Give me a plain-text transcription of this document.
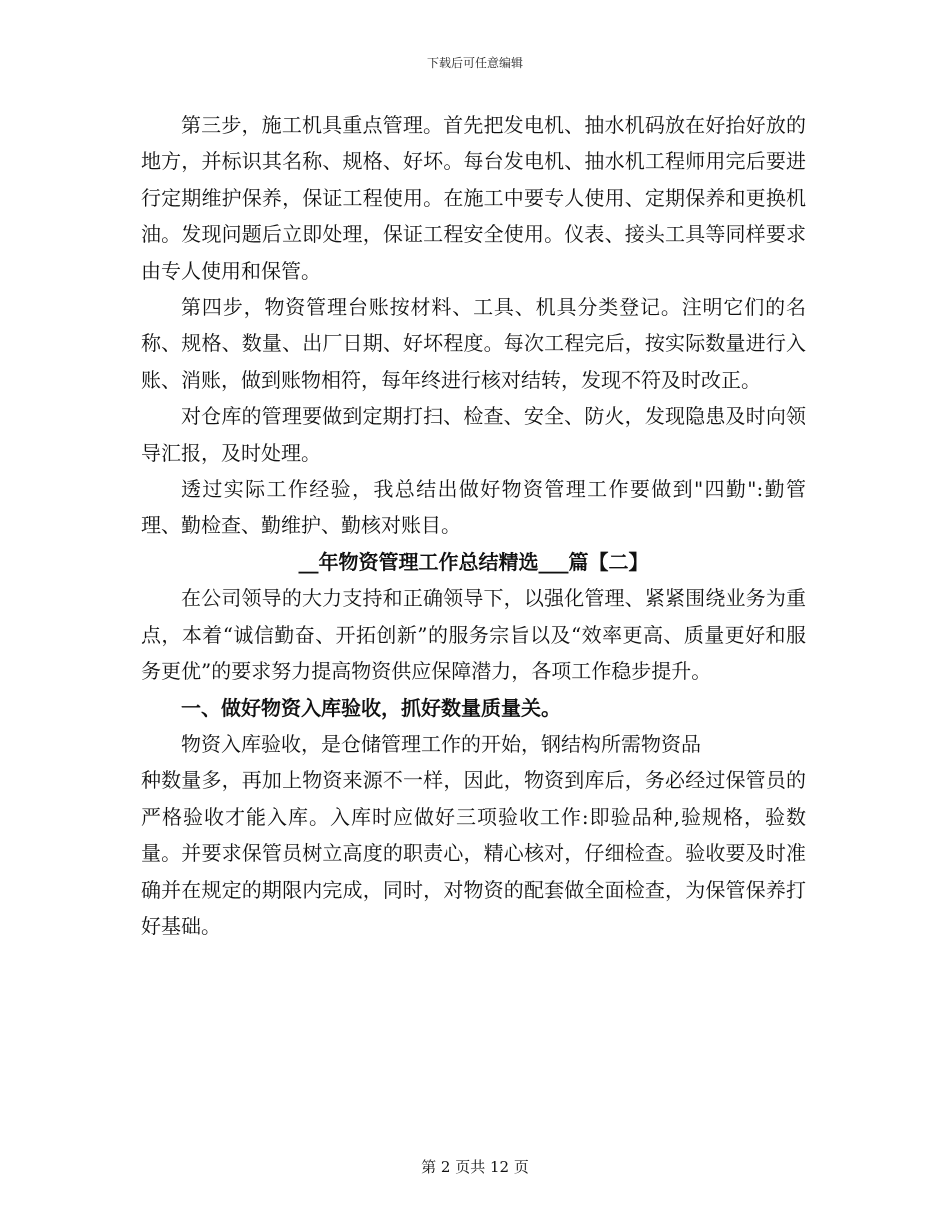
下载后可任意编辑

第三步，施工机具重点管理。首先把发电机、抽水机码放在好抬好放的地方，并标识其名称、规格、好坏。每台发电机、抽水机工程师用完后要进行定期维护保养，保证工程使用。在施工中要专人使用、定期保养和更换机油。发现问题后立即处理，保证工程安全使用。仪表、接头工具等同样要求由专人使用和保管。

第四步，物资管理台账按材料、工具、机具分类登记。注明它们的名称、规格、数量、出厂日期、好坏程度。每次工程完后，按实际数量进行入账、消账，做到账物相符，每年终进行核对结转，发现不符及时改正。

对仓库的管理要做到定期打扫、检查、安全、防火，发现隐患及时向领导汇报，及时处理。

透过实际工作经验，我总结出做好物资管理工作要做到"四勤":勤管理、勤检查、勤维护、勤核对账目。

__年物资管理工作总结精选___篇【二】

在公司领导的大力支持和正确领导下，以强化管理、紧紧围绕业务为重点，本着“诚信勤奋、开拓创新”的服务宗旨以及“效率更高、质量更好和服务更优”的要求努力提高物资供应保障潜力，各项工作稳步提升。

一、做好物资入库验收，抓好数量质量关。

物资入库验收，是仓储管理工作的开始，钢结构所需物资品

种数量多，再加上物资来源不一样，因此，物资到库后，务必经过保管员的严格验收才能入库。入库时应做好三项验收工作:即验品种,验规格，验数量。并要求保管员树立高度的职责心，精心核对，仔细检查。验收要及时准确并在规定的期限内完成，同时，对物资的配套做全面检查，为保管保养打好基础。

第 2 页共 12 页
